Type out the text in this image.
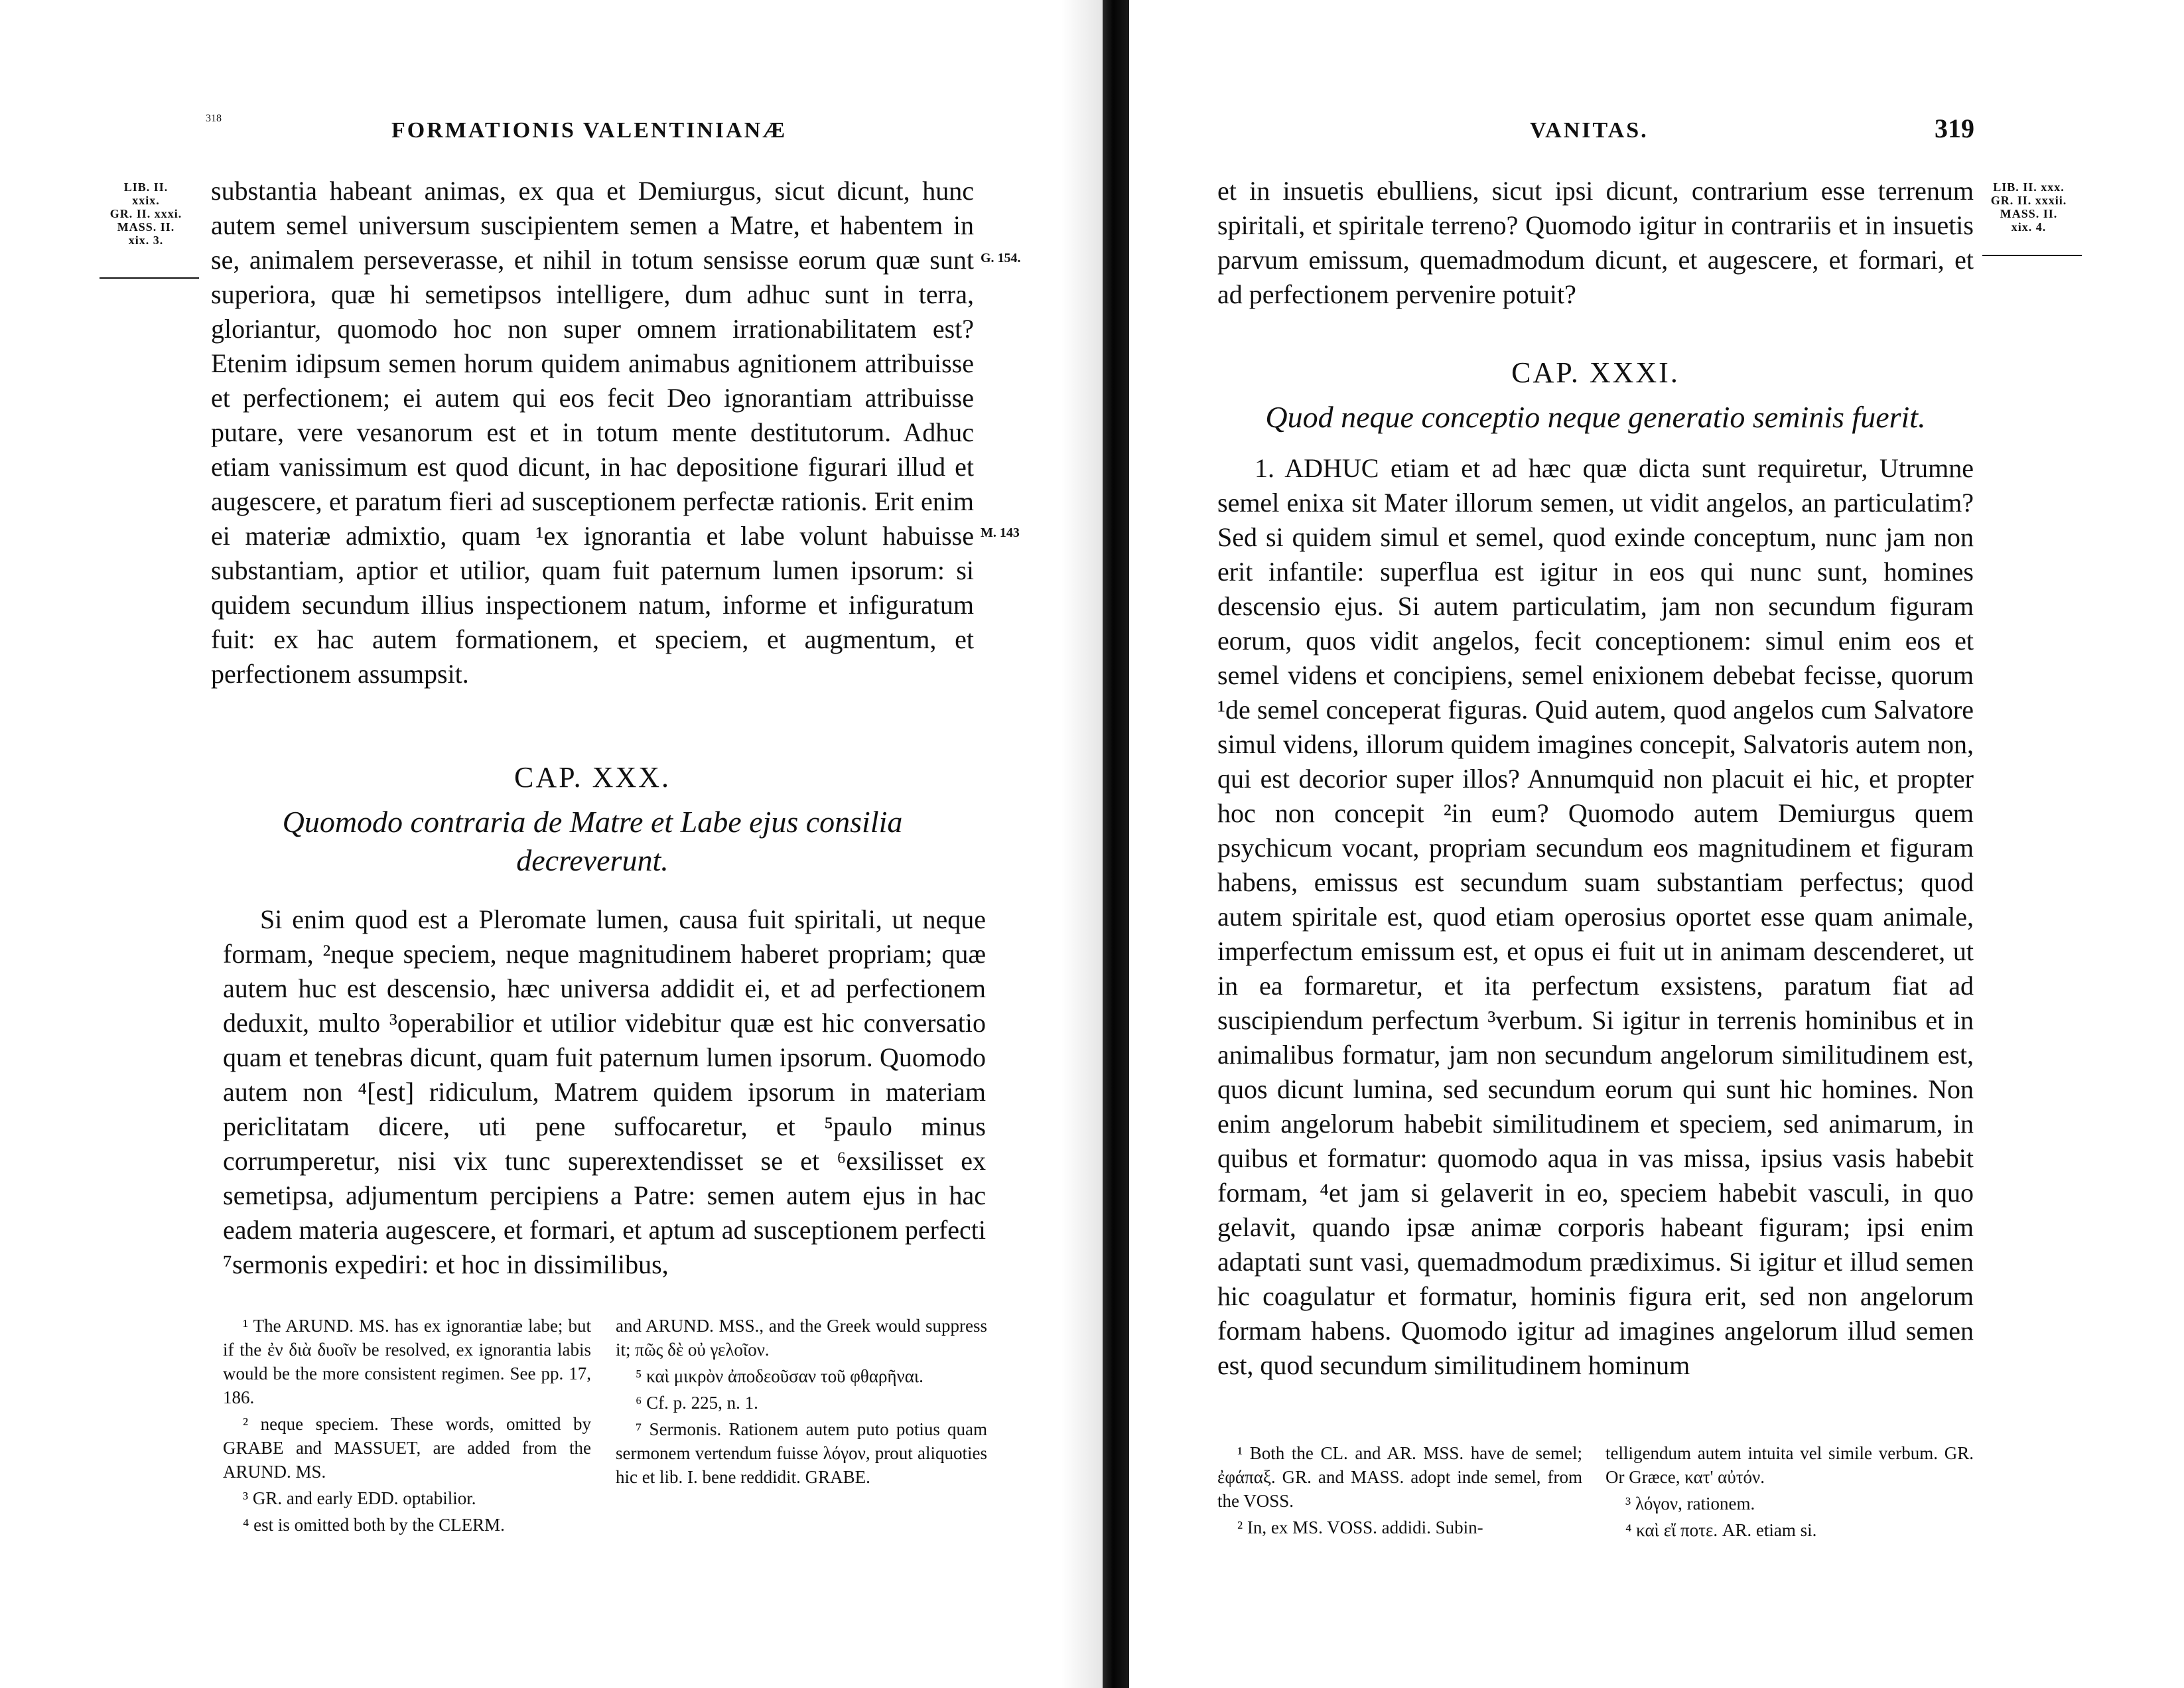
318	FORMATIONIS VALENTINIANÆ
LIB. II.
xxix.
GR. II. xxxi.
MASS. II.
xix. 3.
G. 154.
M. 143

substantia habeant animas, ex qua et Demiurgus, sicut dicunt, hunc autem semel universum suscipientem semen a Matre, et habentem in se, animalem perseverasse, et nihil in totum sensisse eorum quæ sunt superiora, quæ hi semetipsos intelligere, dum adhuc sunt in terra, gloriantur, quomodo hoc non super omnem irrationabilitatem est? Etenim idipsum semen horum quidem animabus agnitionem attribuisse et perfectionem; ei autem qui eos fecit Deo ignorantiam attribuisse putare, vere vesanorum est et in totum mente destitutorum. Adhuc etiam vanissimum est quod dicunt, in hac depositione figurari illud et augescere, et paratum fieri ad susceptionem perfectæ rationis. Erit enim ei materiæ admixtio, quam ¹ex ignorantia et labe volunt habuisse substantiam, aptior et utilior, quam fuit paternum lumen ipsorum: si quidem secundum illius inspectionem natum, informe et infiguratum fuit: ex hac autem formationem, et speciem, et augmentum, et perfectionem assumpsit.

CAP. XXX.
Quomodo contraria de Matre et Labe ejus consilia decreverunt.

Si enim quod est a Pleromate lumen, causa fuit spiritali, ut neque formam, ²neque speciem, neque magnitudinem haberet propriam; quæ autem huc est descensio, hæc universa addidit ei, et ad perfectionem deduxit, multo ³operabilior et utilior videbitur quæ est hic conversatio quam et tenebras dicunt, quam fuit paternum lumen ipsorum. Quomodo autem non ⁴[est] ridiculum, Matrem quidem ipsorum in materiam periclitatam dicere, uti pene suffocaretur, et ⁵paulo minus corrumperetur, nisi vix tunc superextendisset se et ⁶exsilisset ex semetipsa, adjumentum percipiens a Patre: semen autem ejus in hac eadem materia augescere, et formari, et aptum ad susceptionem perfecti ⁷sermonis expediri: et hoc in dissimilibus,

¹ The ARUND. MS. has ex ignorantiæ labe; but if the ἐν διὰ δυοῖν be resolved, ex ignorantia labis would be the more consistent regimen. See pp. 17, 186.

² neque speciem. These words, omitted by GRABE and MASSUET, are added from the ARUND. MS.

³ GR. and early EDD. optabilior.

⁴ est is omitted both by the CLERM.

and ARUND. MSS., and the Greek would suppress it; πῶς δὲ οὐ γελοῖον.

⁵ καὶ μικρὸν ἀποδεοῦσαν τοῦ φθαρῆναι.

⁶ Cf. p. 225, n. 1.

⁷ Sermonis. Rationem autem puto potius quam sermonem vertendum fuisse λόγον, prout aliquoties hic et lib. I. bene reddidit. GRABE.

VANITAS.	319
LIB. II. xxx.
GR. II. xxxii.
MASS. II.
xix. 4.

et in insuetis ebulliens, sicut ipsi dicunt, contrarium esse terrenum spiritali, et spiritale terreno? Quomodo igitur in contrariis et in insuetis parvum emissum, quemadmodum dicunt, et augescere, et formari, et ad perfectionem pervenire potuit?

CAP. XXXI.
Quod neque conceptio neque generatio seminis fuerit.

1. ADHUC etiam et ad hæc quæ dicta sunt requiretur, Utrumne semel enixa sit Mater illorum semen, ut vidit angelos, an particulatim? Sed si quidem simul et semel, quod exinde conceptum, nunc jam non erit infantile: superflua est igitur in eos qui nunc sunt, homines descensio ejus. Si autem particulatim, jam non secundum figuram eorum, quos vidit angelos, fecit conceptionem: simul enim eos et semel videns et concipiens, semel enixionem debebat fecisse, quorum ¹de semel conceperat figuras. Quid autem, quod angelos cum Salvatore simul videns, illorum quidem imagines concepit, Salvatoris autem non, qui est decorior super illos? Annumquid non placuit ei hic, et propter hoc non concepit ²in eum? Quomodo autem Demiurgus quem psychicum vocant, propriam secundum eos magnitudinem et figuram habens, emissus est secundum suam substantiam perfectus; quod autem spiritale est, quod etiam operosius oportet esse quam animale, imperfectum emissum est, et opus ei fuit ut in animam descenderet, ut in ea formaretur, et ita perfectum exsistens, paratum fiat ad suscipiendum perfectum ³verbum. Si igitur in terrenis hominibus et in animalibus formatur, jam non secundum angelorum similitudinem est, quos dicunt lumina, sed secundum eorum qui sunt hic homines. Non enim angelorum habebit similitudinem et speciem, sed animarum, in quibus et formatur: quomodo aqua in vas missa, ipsius vasis habebit formam, ⁴et jam si gelaverit in eo, speciem habebit vasculi, in quo gelavit, quando ipsæ animæ corporis habeant figuram; ipsi enim adaptati sunt vasi, quemadmodum prædiximus. Si igitur et illud semen hic coagulatur et formatur, hominis figura erit, sed non angelorum formam habens. Quomodo igitur ad imagines angelorum illud semen est, quod secundum similitudinem hominum

¹ Both the CL. and AR. MSS. have de semel; ἐφάπαξ. GR. and MASS. adopt inde semel, from the VOSS.

² In, ex MS. VOSS. addidi. Subin-

telligendum autem intuita vel simile verbum. GR. Or Græce, κατ' αὐτόν.

³ λόγον, rationem.

⁴ καὶ εἴ ποτε. AR. etiam si.
